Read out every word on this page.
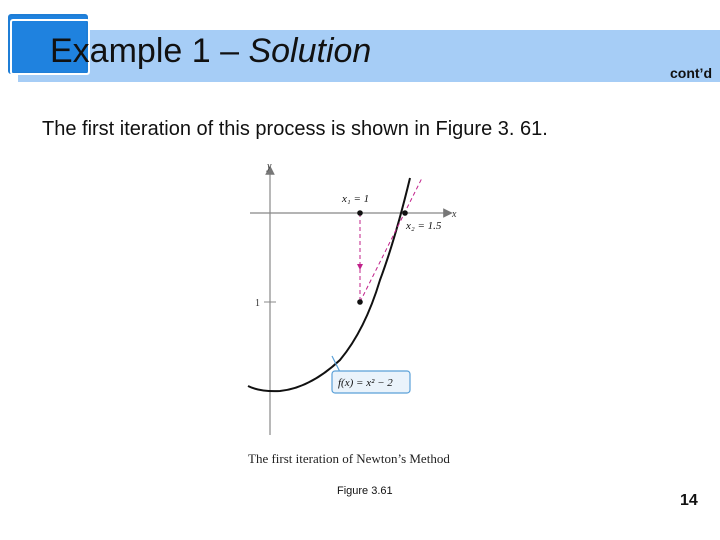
Example 1 – Solution
cont’d
The first iteration of this process is shown in Figure 3. 61.
y
x
1
x₁ = 1
x₂ = 1.5
f(x) = x² − 2
The first iteration of Newton’s Method
Figure 3.61
14
